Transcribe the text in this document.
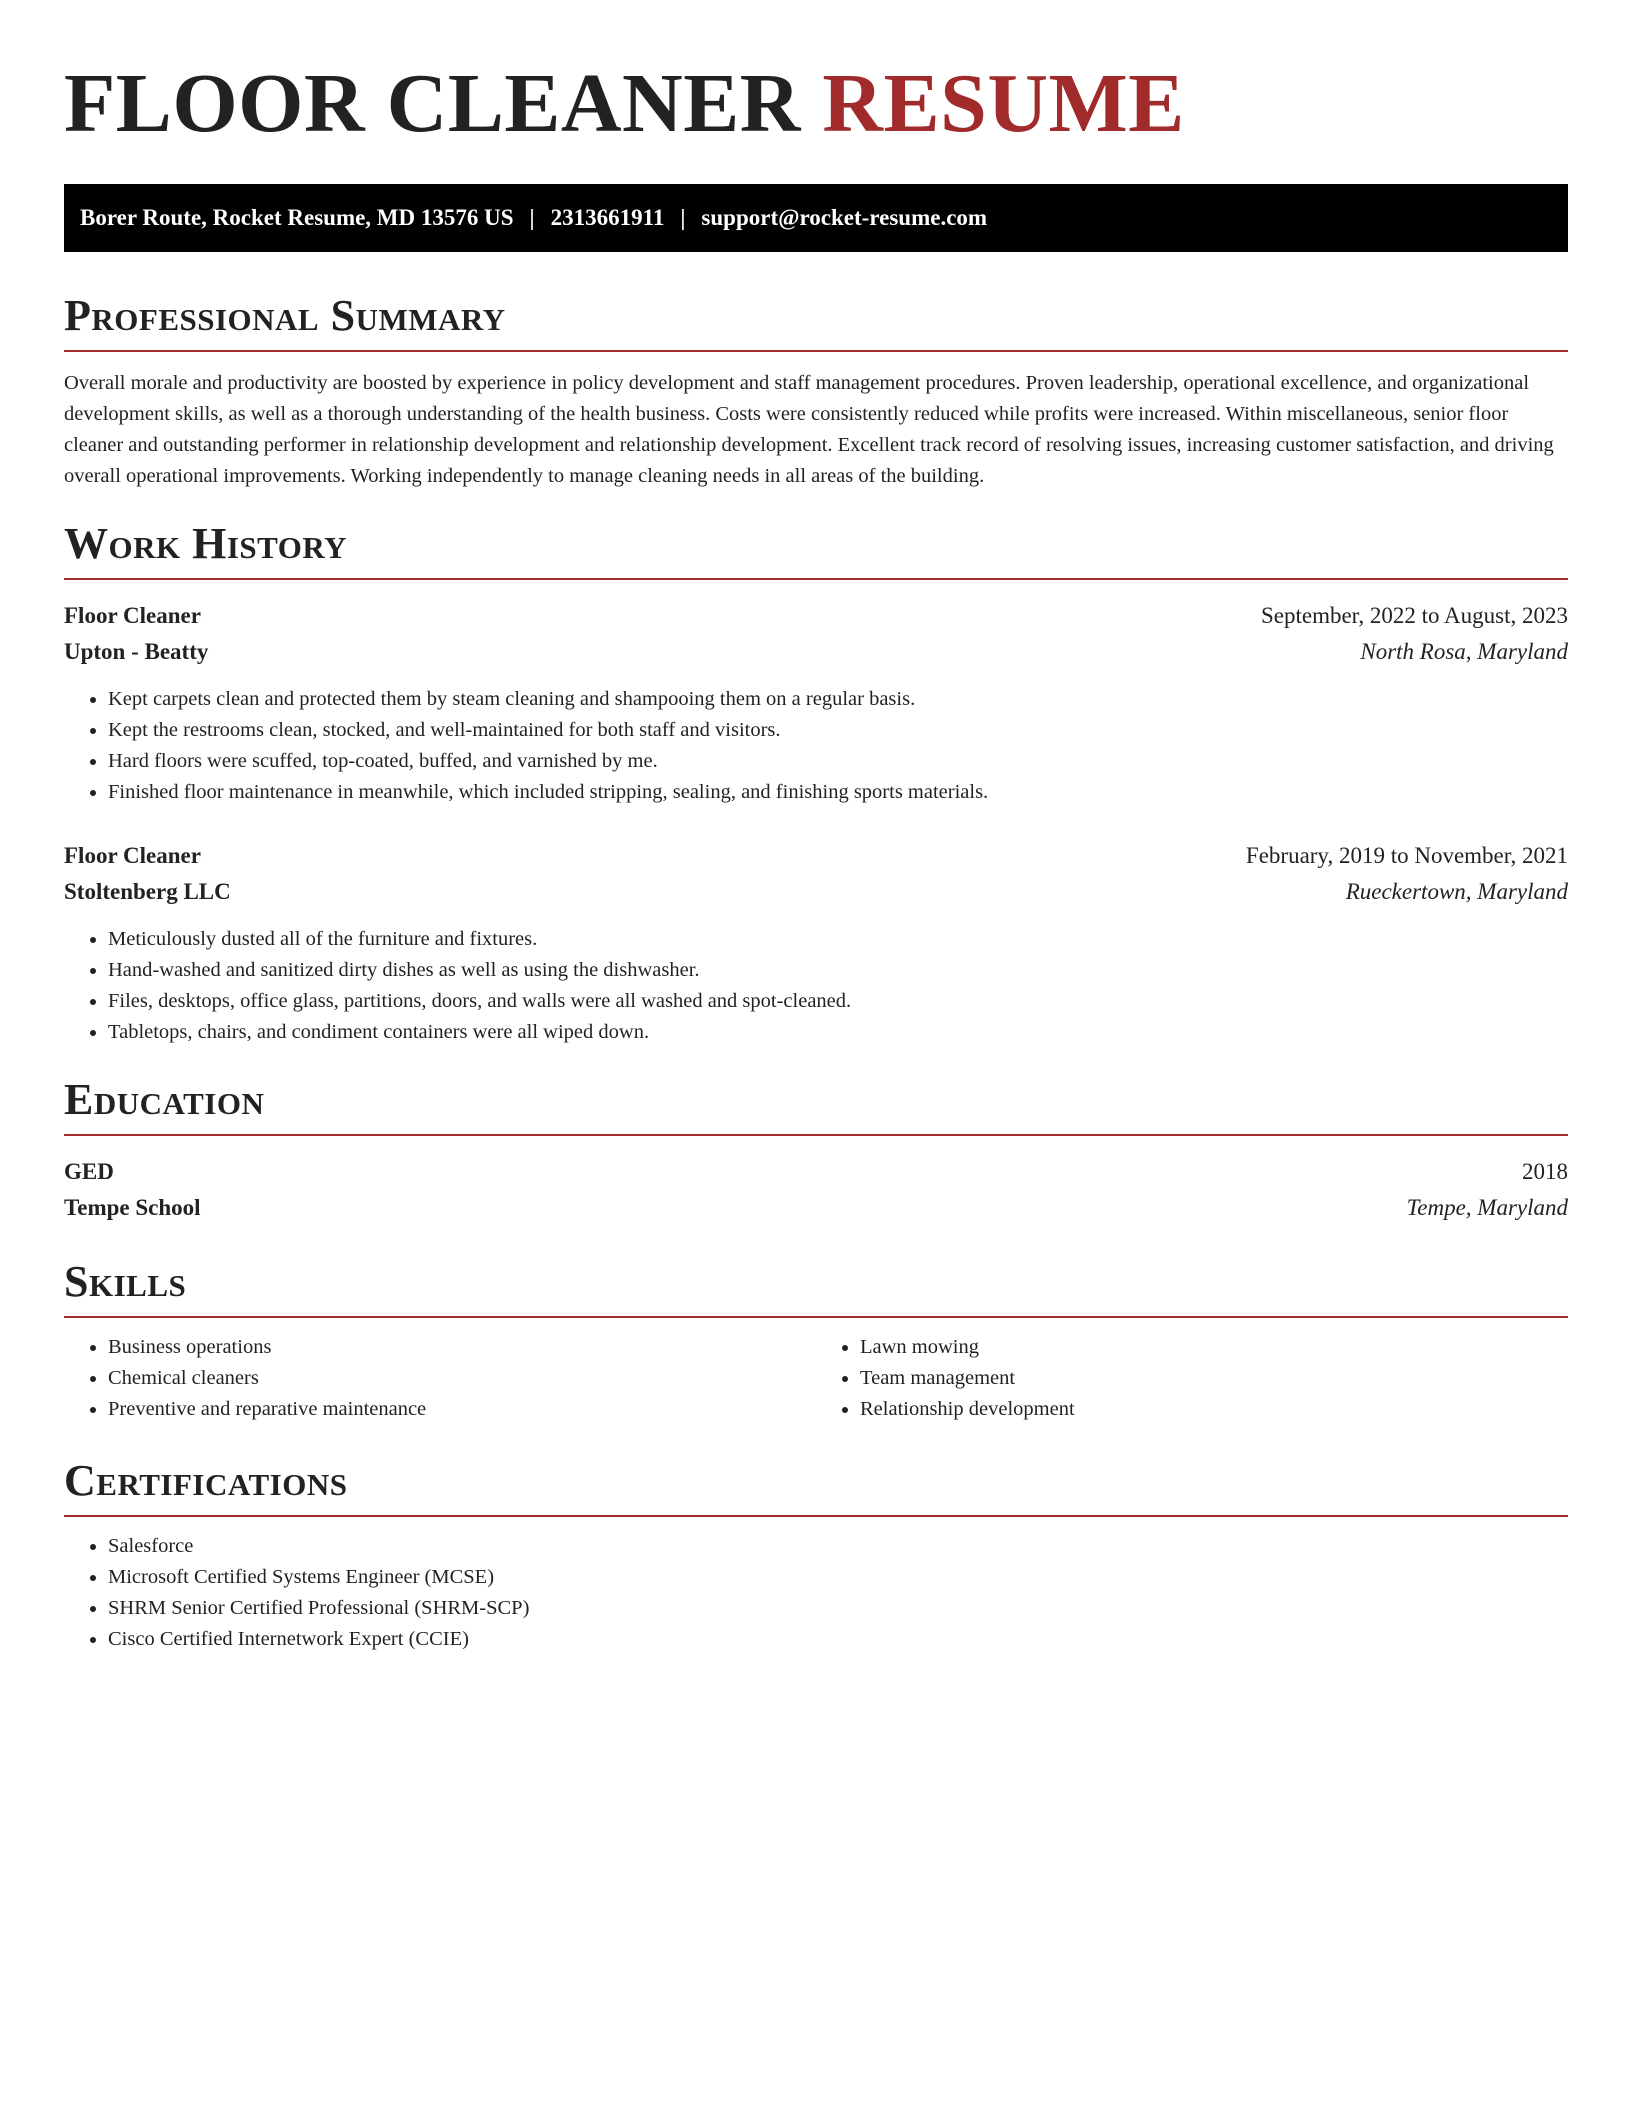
FLOOR CLEANER RESUME
Borer Route, Rocket Resume, MD 13576 US | 2313661911 | support@rocket-resume.com
Professional Summary

Overall morale and productivity are boosted by experience in policy development and staff management procedures. Proven leadership, operational excellence, and organizational development skills, as well as a thorough understanding of the health business. Costs were consistently reduced while profits were increased. Within miscellaneous, senior floor cleaner and outstanding performer in relationship development and relationship development. Excellent track record of resolving issues, increasing customer satisfaction, and driving overall operational improvements. Working independently to manage cleaning needs in all areas of the building.

Work History
Floor Cleaner	September, 2022 to August, 2023
Upton - Beatty	North Rosa, Maryland
• Kept carpets clean and protected them by steam cleaning and shampooing them on a regular basis.
• Kept the restrooms clean, stocked, and well-maintained for both staff and visitors.
• Hard floors were scuffed, top-coated, buffed, and varnished by me.
• Finished floor maintenance in meanwhile, which included stripping, sealing, and finishing sports materials.
Floor Cleaner	February, 2019 to November, 2021
Stoltenberg LLC	Rueckertown, Maryland
• Meticulously dusted all of the furniture and fixtures.
• Hand-washed and sanitized dirty dishes as well as using the dishwasher.
• Files, desktops, office glass, partitions, doors, and walls were all washed and spot-cleaned.
• Tabletops, chairs, and condiment containers were all wiped down.
Education
GED	2018
Tempe School	Tempe, Maryland
Skills
• Business operations
• Chemical cleaners
• Preventive and reparative maintenance
• Lawn mowing
• Team management
• Relationship development
Certifications
• Salesforce
• Microsoft Certified Systems Engineer (MCSE)
• SHRM Senior Certified Professional (SHRM-SCP)
• Cisco Certified Internetwork Expert (CCIE)
